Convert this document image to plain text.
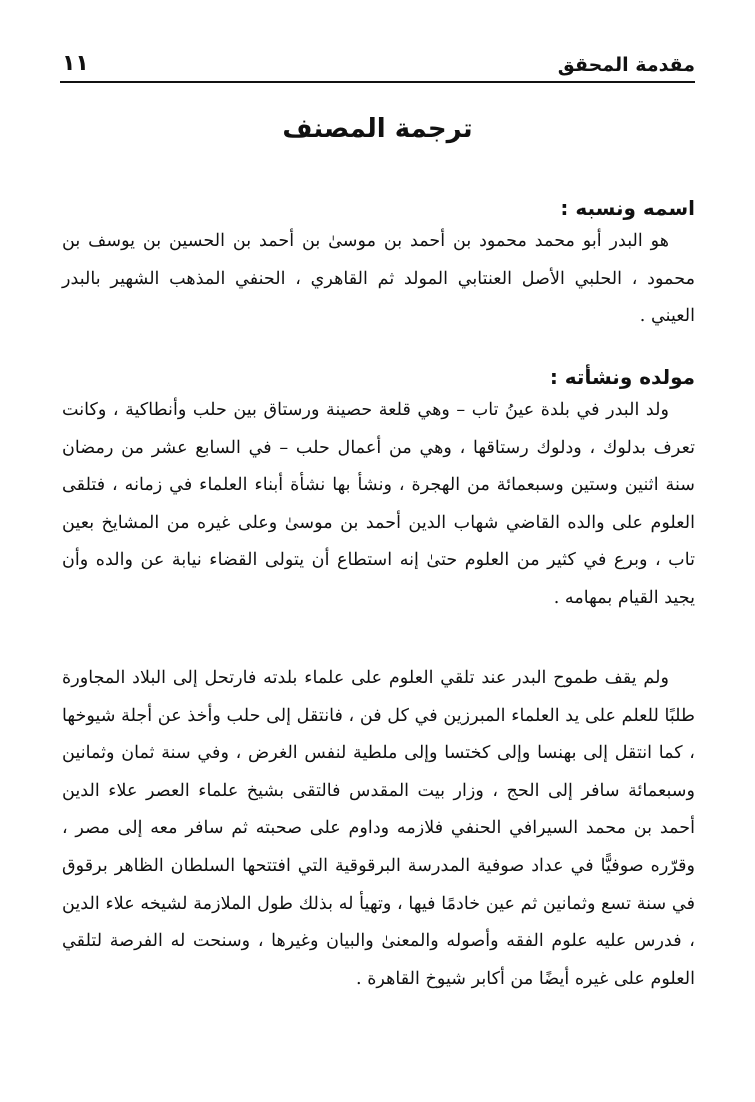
مقدمة المحقق
١١
ترجمة المصنف
اسمه ونسبه :

هو البدر أبو محمد محمود بن أحمد بن موسىٰ بن أحمد بن الحسين بن يوسف بن محمود ، الحلبي الأصل العنتابي المولد ثم القاهري ، الحنفي المذهب الشهير بالبدر العيني .

مولده ونشأته :

ولد البدر في بلدة عينُ تاب – وهي قلعة حصينة ورستاق بين حلب وأنطاكية ، وكانت تعرف بدلوك ، ودلوك رستاقها ، وهي من أعمال حلب – في السابع عشر من رمضان سنة اثنين وستين وسبعمائة من الهجرة ، ونشأ بها نشأة أبناء العلماء في زمانه ، فتلقى العلوم على والده القاضي شهاب الدين أحمد بن موسىٰ وعلى غيره من المشايخ بعين تاب ، وبرع في كثير من العلوم حتىٰ إنه استطاع أن يتولى القضاء نيابة عن والده وأن يجيد القيام بمهامه .

ولم يقف طموح البدر عند تلقي العلوم على علماء بلدته فارتحل إلى البلاد المجاورة طلبًا للعلم على يد العلماء المبرزين في كل فن ، فانتقل إلى حلب وأخذ عن أجلة شيوخها ، كما انتقل إلى بهنسا وإلى كختسا وإلى ملطية لنفس الغرض ، وفي سنة ثمان وثمانين وسبعمائة سافر إلى الحج ، وزار بيت المقدس فالتقى بشيخ علماء العصر علاء الدين أحمد بن محمد السيرافي الحنفي فلازمه وداوم على صحبته ثم سافر معه إلى مصر ، وقرّره صوفيًّا في عداد صوفية المدرسة البرقوقية التي افتتحها السلطان الظاهر برقوق في سنة تسع وثمانين ثم عين خادمًا فيها ، وتهيأ له بذلك طول الملازمة لشيخه علاء الدين ، فدرس عليه علوم الفقه وأصوله والمعنىٰ والبيان وغيرها ، وسنحت له الفرصة لتلقي العلوم على غيره أيضًا من أكابر شيوخ القاهرة .
